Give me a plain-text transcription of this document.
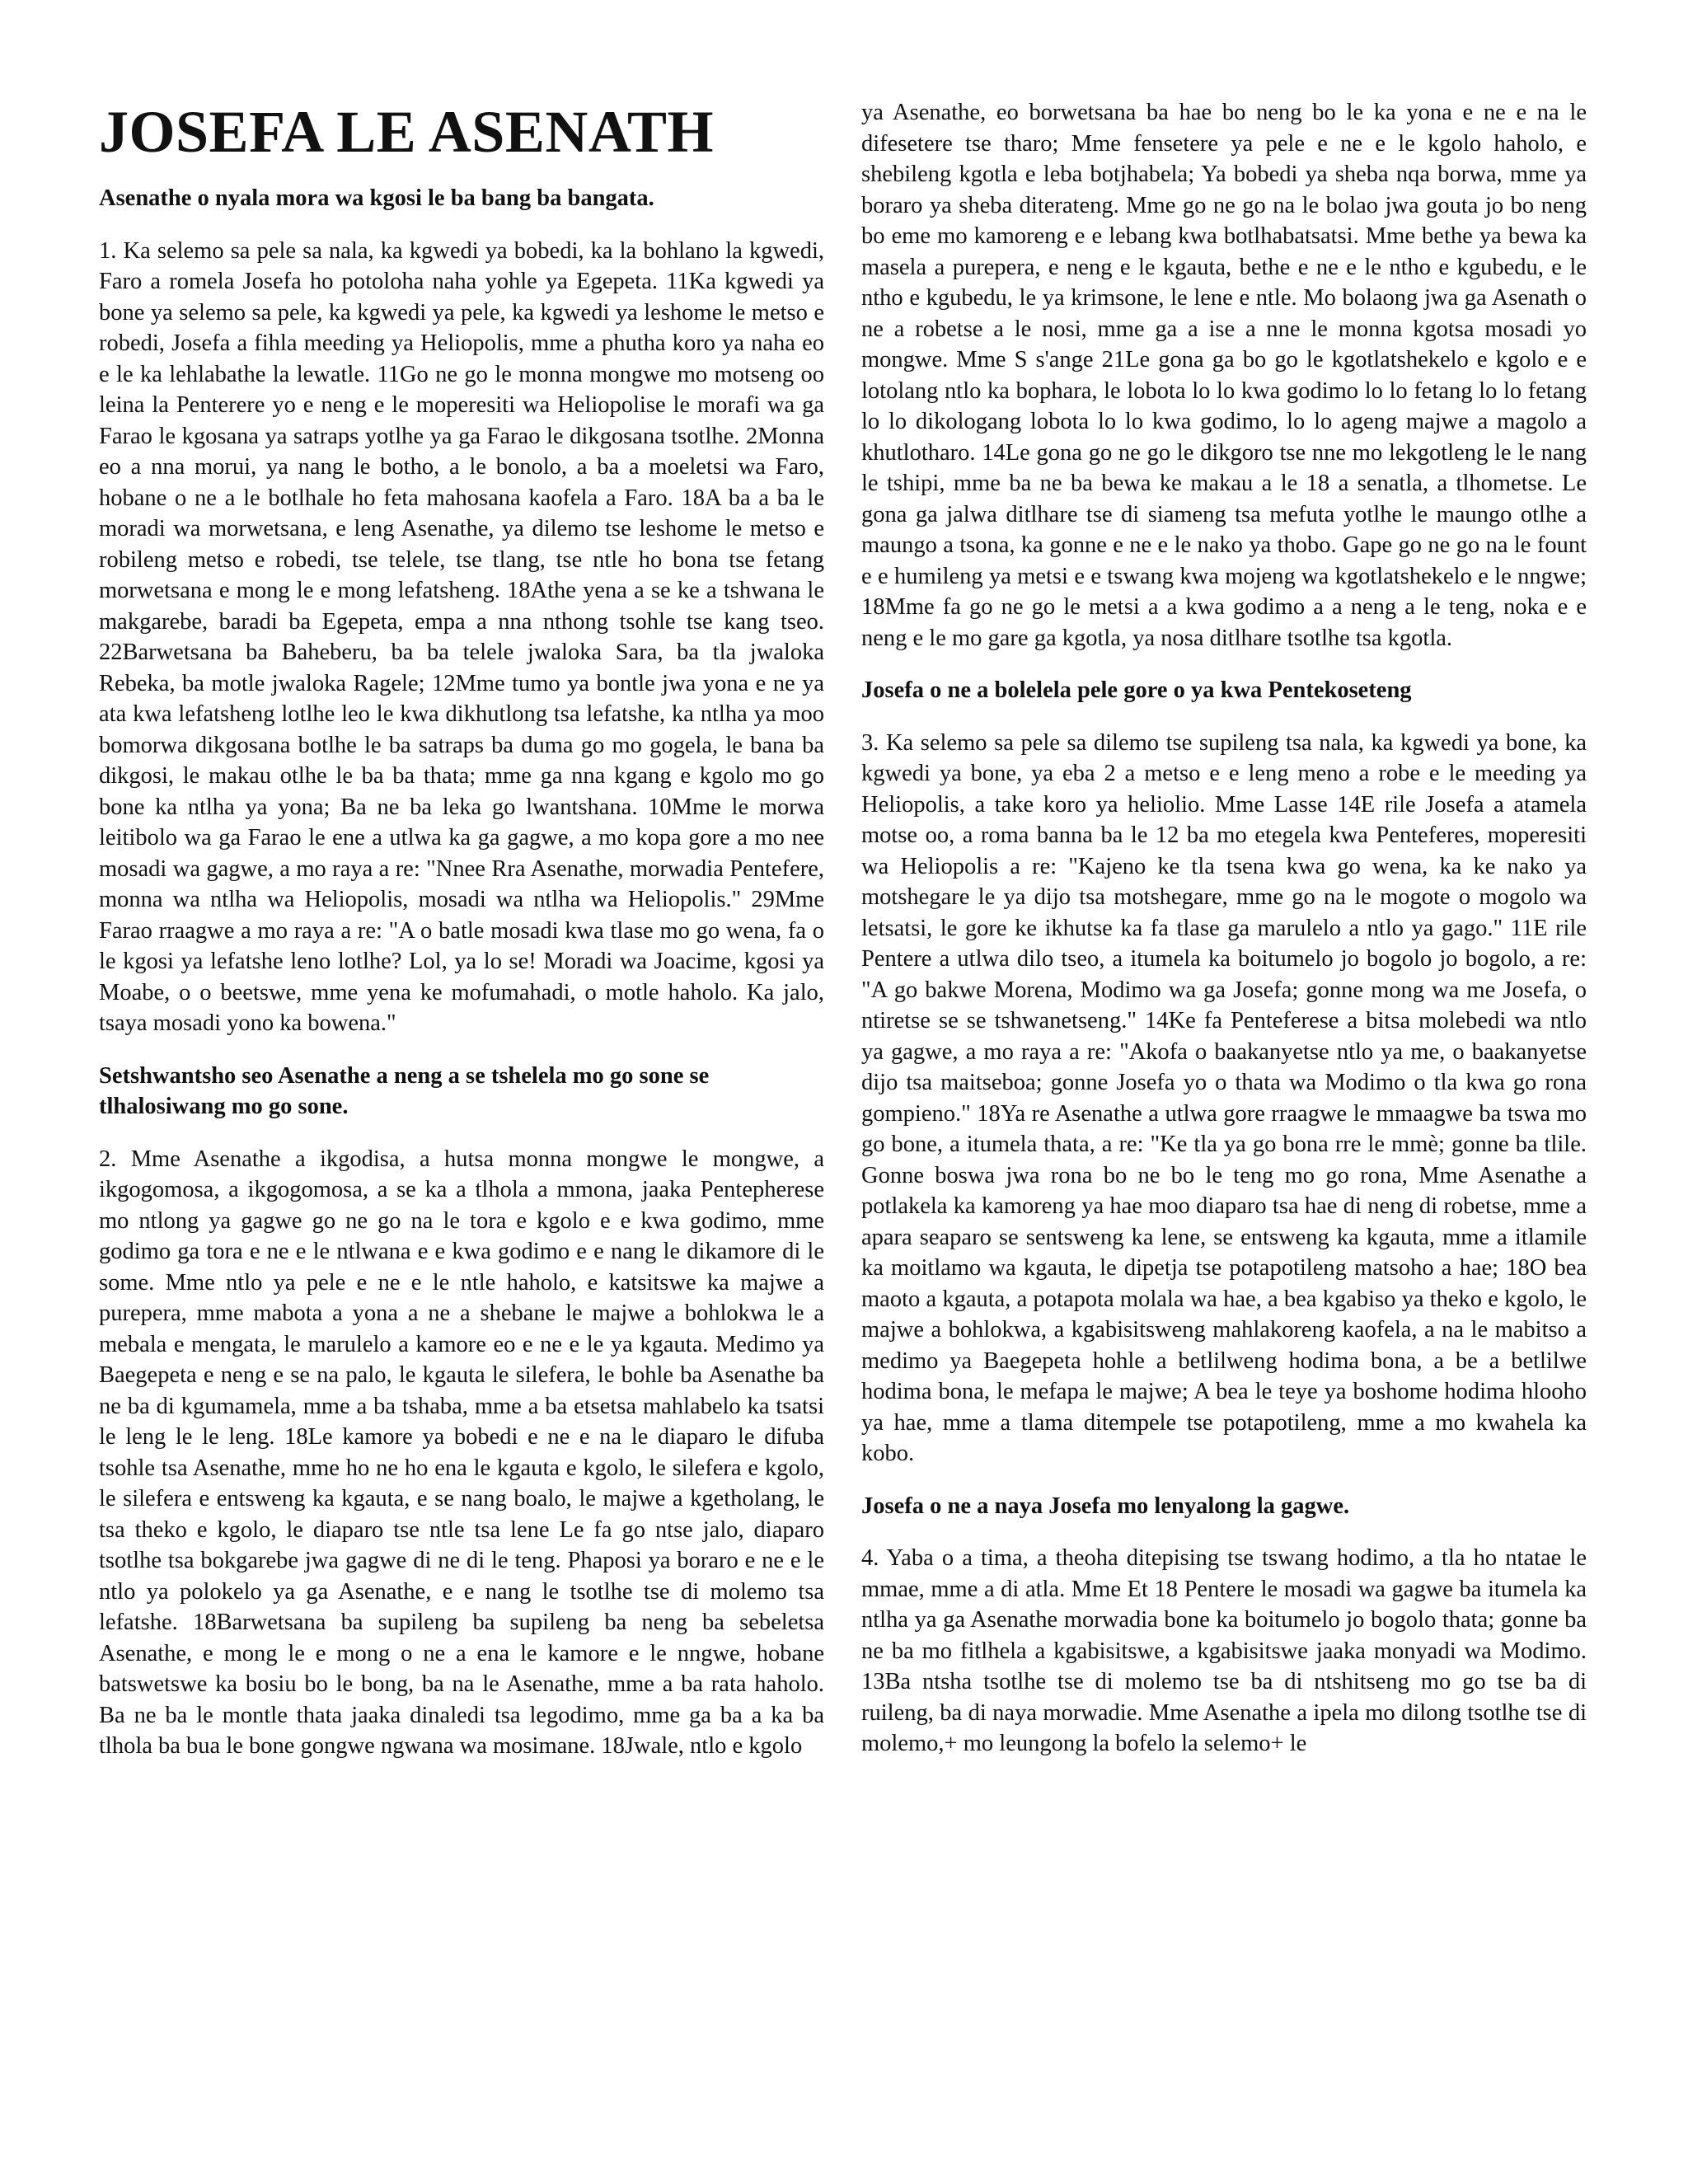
JOSEFA LE ASENATH

Asenathe o nyala mora wa kgosi le ba bang ba bangata.

1. Ka selemo sa pele sa nala, ka kgwedi ya bobedi, ka la bohlano la kgwedi, Faro a romela Josefa ho potoloha naha yohle ya Egepeta. 11Ka kgwedi ya bone ya selemo sa pele, ka kgwedi ya pele, ka kgwedi ya leshome le metso e robedi, Josefa a fihla meeding ya Heliopolis, mme a phutha koro ya naha eo e le ka lehlabathe la lewatle. 11Go ne go le monna mongwe mo motseng oo leina la Penterere yo e neng e le moperesiti wa Heliopolise le morafi wa ga Farao le kgosana ya satraps yotlhe ya ga Farao le dikgosana tsotlhe. 2Monna eo a nna morui, ya nang le botho, a le bonolo, a ba a moeletsi wa Faro, hobane o ne a le botlhale ho feta mahosana kaofela a Faro. 18A ba a ba le moradi wa morwetsana, e leng Asenathe, ya dilemo tse leshome le metso e robileng metso e robedi, tse telele, tse tlang, tse ntle ho bona tse fetang morwetsana e mong le e mong lefatsheng. 18Athe yena a se ke a tshwana le makgarebe, baradi ba Egepeta, empa a nna nthong tsohle tse kang tseo. 22Barwetsana ba Baheberu, ba ba telele jwaloka Sara, ba tla jwaloka Rebeka, ba motle jwaloka Ragele; 12Mme tumo ya bontle jwa yona e ne ya ata kwa lefatsheng lotlhe leo le kwa dikhutlong tsa lefatshe, ka ntlha ya moo bomorwa dikgosana botlhe le ba satraps ba duma go mo gogela, le bana ba dikgosi, le makau otlhe le ba ba thata; mme ga nna kgang e kgolo mo go bone ka ntlha ya yona; Ba ne ba leka go lwantshana. 10Mme le morwa leitibolo wa ga Farao le ene a utlwa ka ga gagwe, a mo kopa gore a mo nee mosadi wa gagwe, a mo raya a re: "Nnee Rra Asenathe, morwadia Pentefere, monna wa ntlha wa Heliopolis, mosadi wa ntlha wa Heliopolis." 29Mme Farao rraagwe a mo raya a re: "A o batle mosadi kwa tlase mo go wena, fa o le kgosi ya lefatshe leno lotlhe? Lol, ya lo se! Moradi wa Joacime, kgosi ya Moabe, o o beetswe, mme yena ke mofumahadi, o motle haholo. Ka jalo, tsaya mosadi yono ka bowena."

Setshwantsho seo Asenathe a neng a se tshelela mo go sone se tlhalosiwang mo go sone.

2. Mme Asenathe a ikgodisa, a hutsa monna mongwe le mongwe, a ikgogomosa, a ikgogomosa, a se ka a tlhola a mmona, jaaka Pentepherese mo ntlong ya gagwe go ne go na le tora e kgolo e e kwa godimo, mme godimo ga tora e ne e le ntlwana e e kwa godimo e e nang le dikamore di le some. Mme ntlo ya pele e ne e le ntle haholo, e katsitswe ka majwe a purepera, mme mabota a yona a ne a shebane le majwe a bohlokwa le a mebala e mengata, le marulelo a kamore eo e ne e le ya kgauta. Medimo ya Baegepeta e neng e se na palo, le kgauta le silefera, le bohle ba Asenathe ba ne ba di kgumamela, mme a ba tshaba, mme a ba etsetsa mahlabelo ka tsatsi le leng le le leng. 18Le kamore ya bobedi e ne e na le diaparo le difuba tsohle tsa Asenathe, mme ho ne ho ena le kgauta e kgolo, le silefera e kgolo, le silefera e entsweng ka kgauta, e se nang boalo, le majwe a kgetholang, le tsa theko e kgolo, le diaparo tse ntle tsa lene Le fa go ntse jalo, diaparo tsotlhe tsa bokgarebe jwa gagwe di ne di le teng. Phaposi ya boraro e ne e le ntlo ya polokelo ya ga Asenathe, e e nang le tsotlhe tse di molemo tsa lefatshe. 18Barwetsana ba supileng ba supileng ba neng ba sebeletsa Asenathe, e mong le e mong o ne a ena le kamore e le nngwe, hobane batswetswe ka bosiu bo le bong, ba na le Asenathe, mme a ba rata haholo. Ba ne ba le montle thata jaaka dinaledi tsa legodimo, mme ga ba a ka ba tlhola ba bua le bone gongwe ngwana wa mosimane. 18Jwale, ntlo e kgolo

ya Asenathe, eo borwetsana ba hae bo neng bo le ka yona e ne e na le difesetere tse tharo; Mme fensetere ya pele e ne e le kgolo haholo, e shebileng kgotla e leba botjhabela; Ya bobedi ya sheba nqa borwa, mme ya boraro ya sheba diterateng. Mme go ne go na le bolao jwa gouta jo bo neng bo eme mo kamoreng e e lebang kwa botlhabatsatsi. Mme bethe ya bewa ka masela a purepera, e neng e le kgauta, bethe e ne e le ntho e kgubedu, e le ntho e kgubedu, le ya krimsone, le lene e ntle. Mo bolaong jwa ga Asenath o ne a robetse a le nosi, mme ga a ise a nne le monna kgotsa mosadi yo mongwe. Mme S s'ange 21Le gona ga bo go le kgotlatshekelo e kgolo e e lotolang ntlo ka bophara, le lobota lo lo kwa godimo lo lo fetang lo lo fetang lo lo dikologang lobota lo lo kwa godimo, lo lo ageng majwe a magolo a khutlotharo. 14Le gona go ne go le dikgoro tse nne mo lekgotleng le le nang le tshipi, mme ba ne ba bewa ke makau a le 18 a senatla, a tlhometse. Le gona ga jalwa ditlhare tse di siameng tsa mefuta yotlhe le maungo otlhe a maungo a tsona, ka gonne e ne e le nako ya thobo. Gape go ne go na le fount e e humileng ya metsi e e tswang kwa mojeng wa kgotlatshekelo e le nngwe; 18Mme fa go ne go le metsi a a kwa godimo a a neng a le teng, noka e e neng e le mo gare ga kgotla, ya nosa ditlhare tsotlhe tsa kgotla.

Josefa o ne a bolelela pele gore o ya kwa Pentekoseteng

3. Ka selemo sa pele sa dilemo tse supileng tsa nala, ka kgwedi ya bone, ka kgwedi ya bone, ya eba 2 a metso e e leng meno a robe e le meeding ya Heliopolis, a take koro ya heliolio. Mme Lasse 14E rile Josefa a atamela motse oo, a roma banna ba le 12 ba mo etegela kwa Penteferes, moperesiti wa Heliopolis a re: "Kajeno ke tla tsena kwa go wena, ka ke nako ya motshegare le ya dijo tsa motshegare, mme go na le mogote o mogolo wa letsatsi, le gore ke ikhutse ka fa tlase ga marulelo a ntlo ya gago." 11E rile Pentere a utlwa dilo tseo, a itumela ka boitumelo jo bogolo jo bogolo, a re: "A go bakwe Morena, Modimo wa ga Josefa; gonne mong wa me Josefa, o ntiretse se se tshwanetseng." 14Ke fa Penteferese a bitsa molebedi wa ntlo ya gagwe, a mo raya a re: "Akofa o baakanyetse ntlo ya me, o baakanyetse dijo tsa maitseboa; gonne Josefa yo o thata wa Modimo o tla kwa go rona gompieno." 18Ya re Asenathe a utlwa gore rraagwe le mmaagwe ba tswa mo go bone, a itumela thata, a re: "Ke tla ya go bona rre le mmè; gonne ba tlile. Gonne boswa jwa rona bo ne bo le teng mo go rona, Mme Asenathe a potlakela ka kamoreng ya hae moo diaparo tsa hae di neng di robetse, mme a apara seaparo se sentsweng ka lene, se entsweng ka kgauta, mme a itlamile ka moitlamo wa kgauta, le dipetja tse potapotileng matsoho a hae; 18O bea maoto a kgauta, a potapota molala wa hae, a bea kgabiso ya theko e kgolo, le majwe a bohlokwa, a kgabisitsweng mahlakoreng kaofela, a na le mabitso a medimo ya Baegepeta hohle a betlilweng hodima bona, a be a betlilwe hodima bona, le mefapa le majwe; A bea le teye ya boshome hodima hlooho ya hae, mme a tlama ditempele tse potapotileng, mme a mo kwahela ka kobo.

Josefa o ne a naya Josefa mo lenyalong la gagwe.

4. Yaba o a tima, a theoha ditepising tse tswang hodimo, a tla ho ntatae le mmae, mme a di atla. Mme Et 18 Pentere le mosadi wa gagwe ba itumela ka ntlha ya ga Asenathe morwadia bone ka boitumelo jo bogolo thata; gonne ba ne ba mo fitlhela a kgabisitswe, a kgabisitswe jaaka monyadi wa Modimo. 13Ba ntsha tsotlhe tse di molemo tse ba di ntshitseng mo go tse ba di ruileng, ba di naya morwadie. Mme Asenathe a ipela mo dilong tsotlhe tse di molemo,+ mo leungong la bofelo la selemo+ le
